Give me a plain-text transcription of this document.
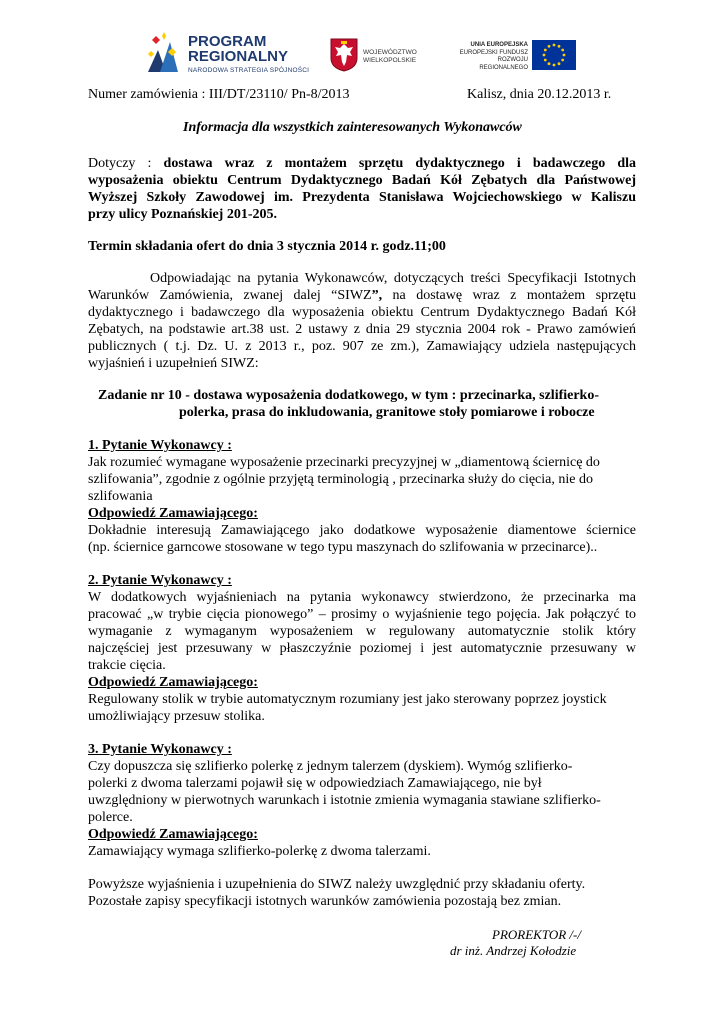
PROGRAM
REGIONALNY
NARODOWA STRATEGIA SPÓJNOŚCI
WOJEWÓDZTWO
WIELKOPOLSKIE
UNIA EUROPEJSKA
EUROPEJSKI FUNDUSZ
ROZWOJU REGIONALNEGO
Numer zamówienia : III/DT/23110/ Pn-8/2013	Kalisz, dnia 20.12.2013 r.
Informacja dla wszystkich zainteresowanych Wykonawców
Dotyczy : dostawa wraz z montażem sprzętu dydaktycznego i badawczego dla
wyposażenia obiektu Centrum Dydaktycznego Badań Kół Zębatych dla Państwowej
Wyższej Szkoły Zawodowej im. Prezydenta Stanisława Wojciechowskiego w Kaliszu
przy ulicy Poznańskiej 201-205.
Termin składania ofert do dnia 3 stycznia 2014 r. godz.11;00
Odpowiadając na pytania Wykonawców, dotyczących treści Specyfikacji Istotnych
Warunków Zamówienia, zwanej dalej “SIWZ”, na dostawę wraz z montażem sprzętu
dydaktycznego i badawczego dla wyposażenia obiektu Centrum Dydaktycznego Badań Kół
Zębatych, na podstawie art.38 ust. 2 ustawy z dnia 29 stycznia 2004 rok - Prawo zamówień
publicznych ( t.j. Dz. U. z 2013 r., poz. 907 ze zm.), Zamawiający udziela następujących
wyjaśnień i uzupełnień SIWZ:
Zadanie nr 10 - dostawa wyposażenia dodatkowego, w tym : przecinarka, szlifierko-
polerka, prasa do inkludowania, granitowe stoły pomiarowe i robocze
1. Pytanie Wykonawcy :
Jak rozumieć wymagane wyposażenie przecinarki precyzyjnej w „diamentową ściernicę do
szlifowania”, zgodnie z ogólnie przyjętą terminologią , przecinarka służy do cięcia, nie do
szlifowania
Odpowiedź Zamawiającego:
Dokładnie interesują Zamawiającego jako dodatkowe wyposażenie diamentowe ściernice
(np. ściernice garncowe stosowane w tego typu maszynach do szlifowania w przecinarce)..
2. Pytanie Wykonawcy :
W dodatkowych wyjaśnieniach na pytania wykonawcy stwierdzono, że przecinarka ma
pracować „w trybie cięcia pionowego” – prosimy o wyjaśnienie tego pojęcia. Jak połączyć to
wymaganie z wymaganym wyposażeniem w regulowany automatycznie stolik który
najczęściej jest przesuwany w płaszczyźnie poziomej i jest automatycznie przesuwany w
trakcie cięcia.
Odpowiedź Zamawiającego:
Regulowany stolik w trybie automatycznym rozumiany jest jako sterowany poprzez joystick
umożliwiający przesuw stolika.
3. Pytanie Wykonawcy :
Czy dopuszcza się szlifierko polerkę z jednym talerzem (dyskiem). Wymóg szlifierko-
polerki z dwoma talerzami pojawił się w odpowiedziach Zamawiającego, nie był
uwzględniony w pierwotnych warunkach i istotnie zmienia wymagania stawiane szlifierko-
polerce.
Odpowiedź Zamawiającego:
Zamawiający wymaga szlifierko-polerkę z dwoma talerzami.
Powyższe wyjaśnienia i uzupełnienia do SIWZ należy uwzględnić przy składaniu oferty.
Pozostałe zapisy specyfikacji istotnych warunków zamówienia pozostają bez zmian.
PROREKTOR /-/
dr inż. Andrzej Kołodzie
